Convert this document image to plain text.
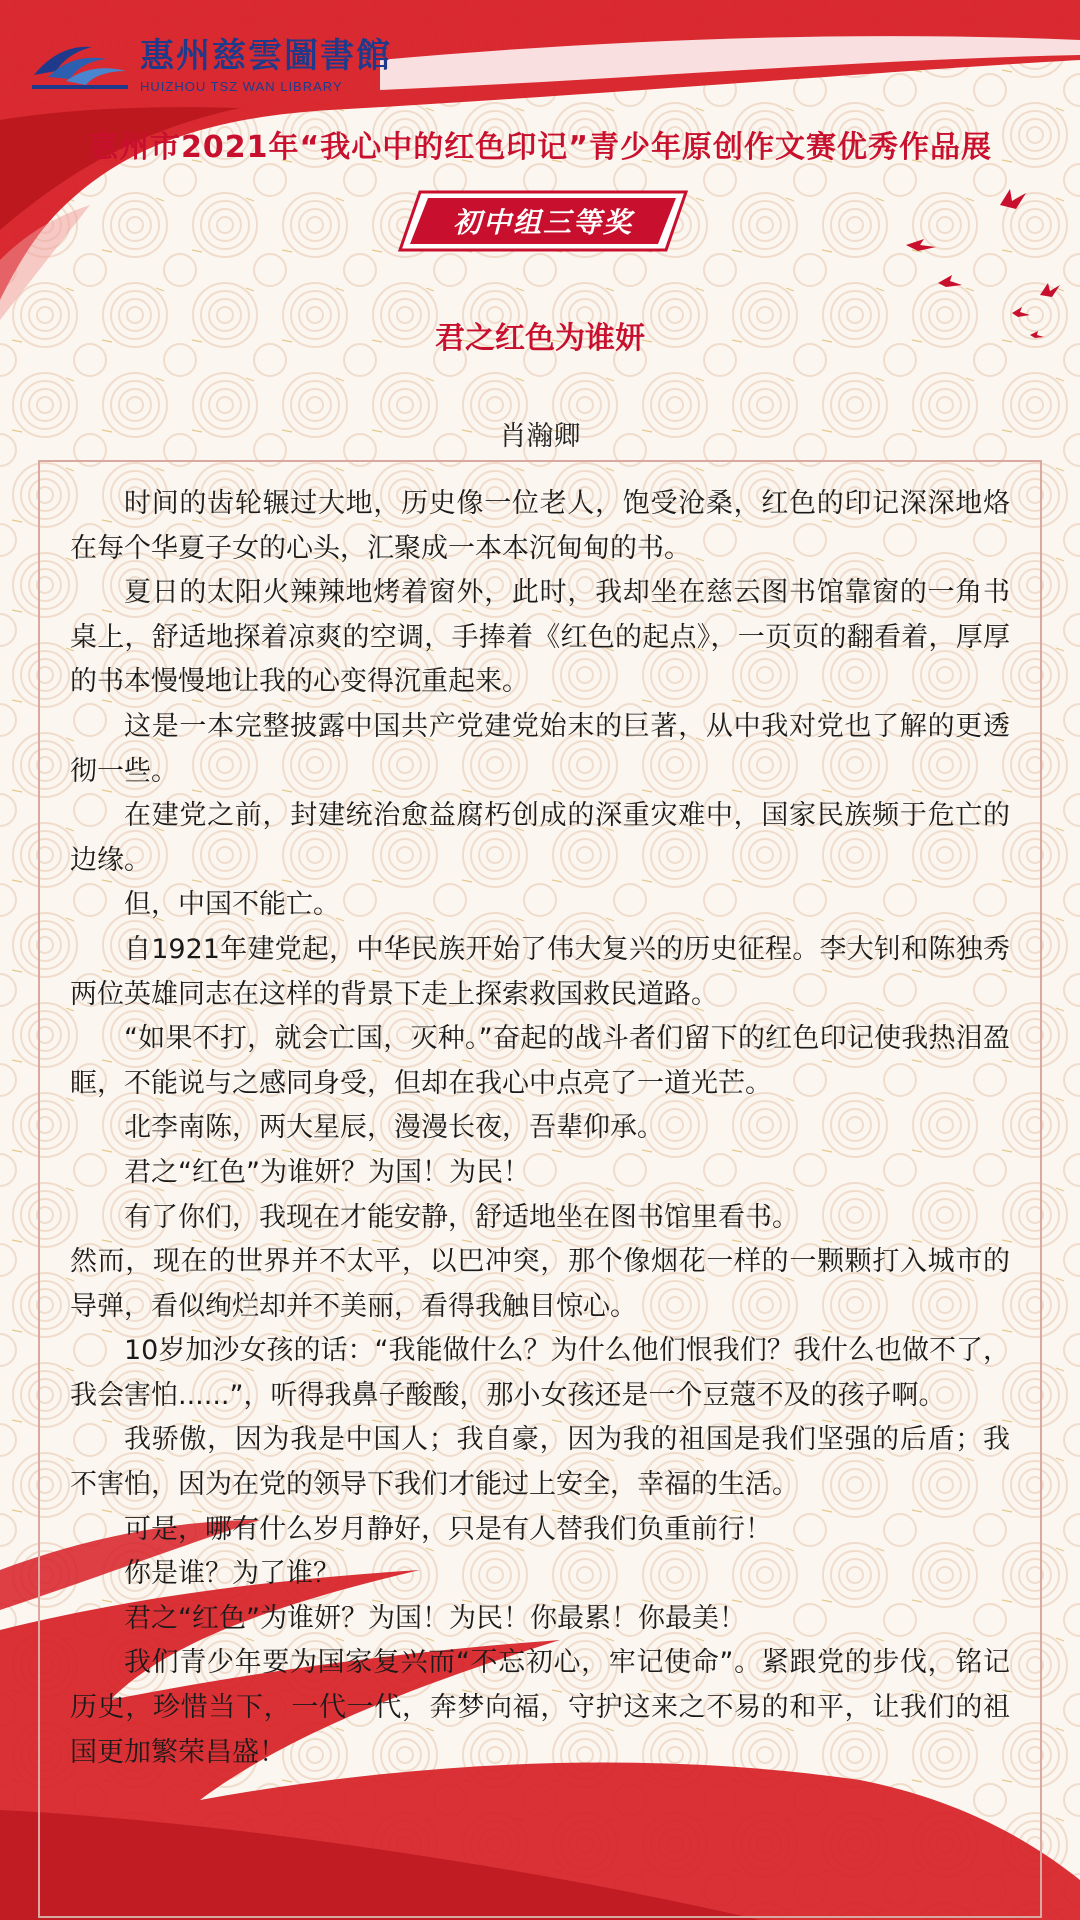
惠州慈雲圖書館
HUIZHOU TSZ WAN LIBRARY
惠州市2021年“我心中的红色印记”青少年原创作文赛优秀作品展
初中组三等奖
君之红色为谁妍
肖瀚卿

时间的齿轮辗过大地，历史像一位老人，饱受沧桑，红色的印记深深地烙在每个华夏子女的心头，汇聚成一本本沉甸甸的书。

夏日的太阳火辣辣地烤着窗外，此时，我却坐在慈云图书馆靠窗的一角书桌上，舒适地探着凉爽的空调，手捧着《红色的起点》，一页页的翻看着，厚厚的书本慢慢地让我的心变得沉重起来。

这是一本完整披露中国共产党建党始末的巨著，从中我对党也了解的更透彻一些。

在建党之前，封建统治愈益腐朽创成的深重灾难中，国家民族频于危亡的边缘。

但，中国不能亡。

自1921年建党起，中华民族开始了伟大复兴的历史征程。李大钊和陈独秀两位英雄同志在这样的背景下走上探索救国救民道路。

“如果不打，就会亡国，灭种。”奋起的战斗者们留下的红色印记使我热泪盈眶，不能说与之感同身受，但却在我心中点亮了一道光芒。

北李南陈，两大星辰，漫漫长夜，吾辈仰承。

君之“红色”为谁妍？为国！为民！

有了你们，我现在才能安静，舒适地坐在图书馆里看书。

然而，现在的世界并不太平，以巴冲突，那个像烟花一样的一颗颗打入城市的导弹，看似绚烂却并不美丽，看得我触目惊心。

10岁加沙女孩的话：“我能做什么？为什么他们恨我们？我什么也做不了，我会害怕......”，听得我鼻子酸酸，那小女孩还是一个豆蔻不及的孩子啊。

我骄傲，因为我是中国人；我自豪，因为我的祖国是我们坚强的后盾；我不害怕，因为在党的领导下我们才能过上安全，幸福的生活。

可是，哪有什么岁月静好，只是有人替我们负重前行！

你是谁？为了谁？

君之“红色”为谁妍？为国！为民！你最累！你最美！

我们青少年要为国家复兴而“不忘初心，牢记使命”。紧跟党的步伐，铭记历史，珍惜当下，一代一代，奔梦向福，守护这来之不易的和平，让我们的祖国更加繁荣昌盛！
